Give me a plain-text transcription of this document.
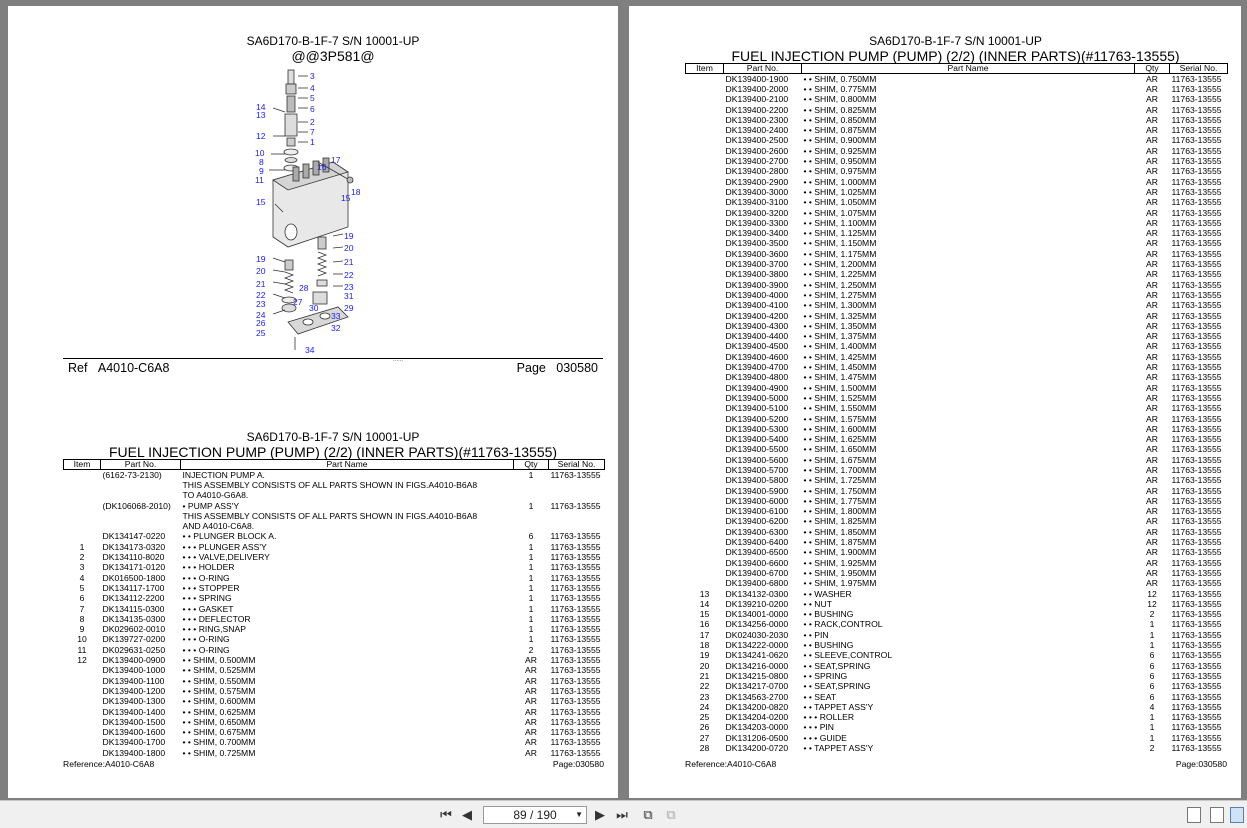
SA6D170-B-1F-7 S/N 10001-UP
@@3P581@
3
4
5
6
2
7
1
14
13
12
10
8
9
11
16
17
15
18
15
19
20
21
22
23
31
29
28
27
30
33
32
19
20
21
22
23
24
26
25
34
......
Ref A4010-C6A8	Page 030580
SA6D170-B-1F-7 S/N 10001-UP
FUEL INJECTION PUMP (PUMP) (2/2) (INNER PARTS)(#11763-13555)
Item	Part No.	Part Name	Qty	Serial No.
	(6162-73-2130)	INJECTION PUMP A.	1	11763-13555
		THIS ASSEMBLY CONSISTS OF ALL PARTS SHOWN IN FIGS.A4010-B6A8		
		TO A4010-G6A8.		
	(DK106068-2010)	• PUMP ASS'Y	1	11763-13555
		THIS ASSEMBLY CONSISTS OF ALL PARTS SHOWN IN FIGS.A4010-B6A8		
		AND A4010-C6A8.		
	DK134147-0220	• • PLUNGER BLOCK A.	6	11763-13555
1	DK134173-0320	• • • PLUNGER ASS'Y	1	11763-13555
2	DK134110-8020	• • • VALVE,DELIVERY	1	11763-13555
3	DK134171-0120	• • • HOLDER	1	11763-13555
4	DK016500-1800	• • • O-RING	1	11763-13555
5	DK134117-1700	• • • STOPPER	1	11763-13555
6	DK134112-2200	• • • SPRING	1	11763-13555
7	DK134115-0300	• • • GASKET	1	11763-13555
8	DK134135-0300	• • • DEFLECTOR	1	11763-13555
9	DK029602-0010	• • • RING,SNAP	1	11763-13555
10	DK139727-0200	• • • O-RING	1	11763-13555
11	DK029631-0250	• • • O-RING	2	11763-13555
12	DK139400-0900	• • SHIM, 0.500MM	AR	11763-13555
	DK139400-1000	• • SHIM, 0.525MM	AR	11763-13555
	DK139400-1100	• • SHIM, 0.550MM	AR	11763-13555
	DK139400-1200	• • SHIM, 0.575MM	AR	11763-13555
	DK139400-1300	• • SHIM, 0.600MM	AR	11763-13555
	DK139400-1400	• • SHIM, 0.625MM	AR	11763-13555
	DK139400-1500	• • SHIM, 0.650MM	AR	11763-13555
	DK139400-1600	• • SHIM, 0.675MM	AR	11763-13555
	DK139400-1700	• • SHIM, 0.700MM	AR	11763-13555
	DK139400-1800	• • SHIM, 0.725MM	AR	11763-13555
Reference:A4010-C6A8	Page:030580
SA6D170-B-1F-7 S/N 10001-UP
FUEL INJECTION PUMP (PUMP) (2/2) (INNER PARTS)(#11763-13555)
Item	Part No.	Part Name	Qty	Serial No.
	DK139400-1900	• • SHIM, 0.750MM	AR	11763-13555
	DK139400-2000	• • SHIM, 0.775MM	AR	11763-13555
	DK139400-2100	• • SHIM, 0.800MM	AR	11763-13555
	DK139400-2200	• • SHIM, 0.825MM	AR	11763-13555
	DK139400-2300	• • SHIM, 0.850MM	AR	11763-13555
	DK139400-2400	• • SHIM, 0.875MM	AR	11763-13555
	DK139400-2500	• • SHIM, 0.900MM	AR	11763-13555
	DK139400-2600	• • SHIM, 0.925MM	AR	11763-13555
	DK139400-2700	• • SHIM, 0.950MM	AR	11763-13555
	DK139400-2800	• • SHIM, 0.975MM	AR	11763-13555
	DK139400-2900	• • SHIM, 1.000MM	AR	11763-13555
	DK139400-3000	• • SHIM, 1.025MM	AR	11763-13555
	DK139400-3100	• • SHIM, 1.050MM	AR	11763-13555
	DK139400-3200	• • SHIM, 1.075MM	AR	11763-13555
	DK139400-3300	• • SHIM, 1.100MM	AR	11763-13555
	DK139400-3400	• • SHIM, 1.125MM	AR	11763-13555
	DK139400-3500	• • SHIM, 1.150MM	AR	11763-13555
	DK139400-3600	• • SHIM, 1.175MM	AR	11763-13555
	DK139400-3700	• • SHIM, 1.200MM	AR	11763-13555
	DK139400-3800	• • SHIM, 1.225MM	AR	11763-13555
	DK139400-3900	• • SHIM, 1.250MM	AR	11763-13555
	DK139400-4000	• • SHIM, 1.275MM	AR	11763-13555
	DK139400-4100	• • SHIM, 1.300MM	AR	11763-13555
	DK139400-4200	• • SHIM, 1.325MM	AR	11763-13555
	DK139400-4300	• • SHIM, 1.350MM	AR	11763-13555
	DK139400-4400	• • SHIM, 1.375MM	AR	11763-13555
	DK139400-4500	• • SHIM, 1.400MM	AR	11763-13555
	DK139400-4600	• • SHIM, 1.425MM	AR	11763-13555
	DK139400-4700	• • SHIM, 1.450MM	AR	11763-13555
	DK139400-4800	• • SHIM, 1.475MM	AR	11763-13555
	DK139400-4900	• • SHIM, 1.500MM	AR	11763-13555
	DK139400-5000	• • SHIM, 1.525MM	AR	11763-13555
	DK139400-5100	• • SHIM, 1.550MM	AR	11763-13555
	DK139400-5200	• • SHIM, 1.575MM	AR	11763-13555
	DK139400-5300	• • SHIM, 1.600MM	AR	11763-13555
	DK139400-5400	• • SHIM, 1.625MM	AR	11763-13555
	DK139400-5500	• • SHIM, 1.650MM	AR	11763-13555
	DK139400-5600	• • SHIM, 1.675MM	AR	11763-13555
	DK139400-5700	• • SHIM, 1.700MM	AR	11763-13555
	DK139400-5800	• • SHIM, 1.725MM	AR	11763-13555
	DK139400-5900	• • SHIM, 1.750MM	AR	11763-13555
	DK139400-6000	• • SHIM, 1.775MM	AR	11763-13555
	DK139400-6100	• • SHIM, 1.800MM	AR	11763-13555
	DK139400-6200	• • SHIM, 1.825MM	AR	11763-13555
	DK139400-6300	• • SHIM, 1.850MM	AR	11763-13555
	DK139400-6400	• • SHIM, 1.875MM	AR	11763-13555
	DK139400-6500	• • SHIM, 1.900MM	AR	11763-13555
	DK139400-6600	• • SHIM, 1.925MM	AR	11763-13555
	DK139400-6700	• • SHIM, 1.950MM	AR	11763-13555
	DK139400-6800	• • SHIM, 1.975MM	AR	11763-13555
13	DK134132-0300	• • WASHER	12	11763-13555
14	DK139210-0200	• • NUT	12	11763-13555
15	DK134001-0000	• • BUSHING	2	11763-13555
16	DK134256-0000	• • RACK,CONTROL	1	11763-13555
17	DK024030-2030	• • PIN	1	11763-13555
18	DK134222-0000	• • BUSHING	1	11763-13555
19	DK134241-0620	• • SLEEVE,CONTROL	6	11763-13555
20	DK134216-0000	• • SEAT,SPRING	6	11763-13555
21	DK134215-0800	• • SPRING	6	11763-13555
22	DK134217-0700	• • SEAT,SPRING	6	11763-13555
23	DK134563-2700	• • SEAT	6	11763-13555
24	DK134200-0820	• • TAPPET ASS'Y	4	11763-13555
25	DK134204-0200	• • • ROLLER	1	11763-13555
26	DK134203-0000	• • • PIN	1	11763-13555
27	DK131206-0500	• • • GUIDE	1	11763-13555
28	DK134200-0720	• • TAPPET ASS'Y	2	11763-13555
Reference:A4010-C6A8	Page:030580
⏮ ◀	89 / 190 ▼ ▶ ⏭ ⧉ ⧉
